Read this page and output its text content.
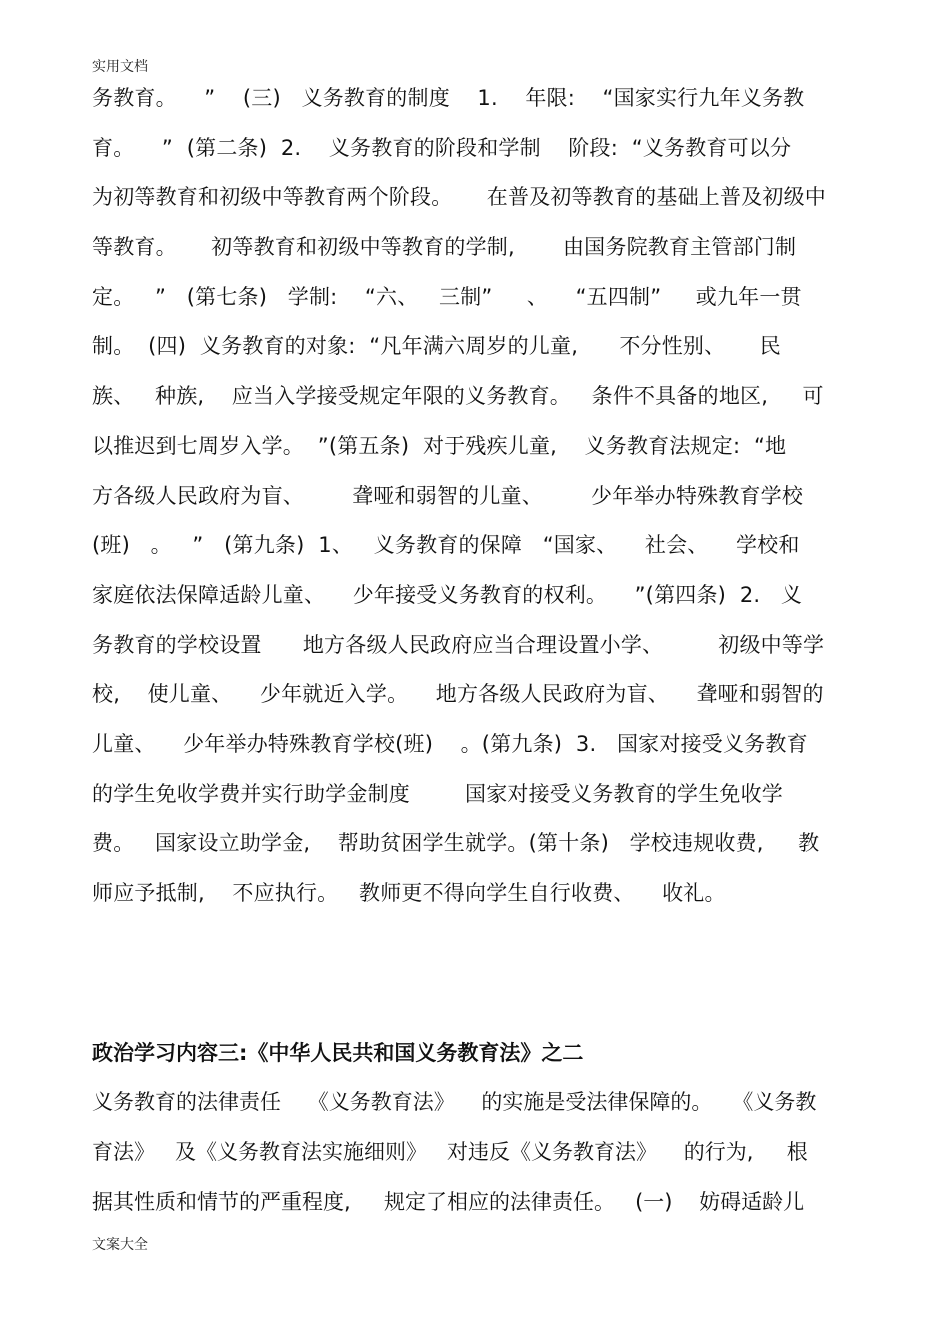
实用文档
务教育。    ”    (三)   义务教育的制度    1.    年限:    “国家实行九年义务教
育。    ”  (第二条)  2.    义务教育的阶段和学制    阶段:  “义务教育可以分
为初等教育和初级中等教育两个阶段。     在普及初等教育的基础上普及初级中
等教育。     初等教育和初级中等教育的学制,       由国务院教育主管部门制
定。   ”   (第七条)   学制:    “六、   三制”     、    “五四制”     或九年一贯
制。  (四)  义务教育的对象:  “凡年满六周岁的儿童,      不分性别、     民
族、   种族,    应当入学接受规定年限的义务教育。   条件不具备的地区,     可
以推迟到七周岁入学。  ”(第五条)  对于残疾儿童,    义务教育法规定:  “地
方各级人民政府为盲、       聋哑和弱智的儿童、       少年举办特殊教育学校
(班)   。   ”   (第九条)  1、   义务教育的保障   “国家、    社会、    学校和
家庭依法保障适龄儿童、    少年接受义务教育的权利。    ”(第四条)  2.   义
务教育的学校设置      地方各级人民政府应当合理设置小学、        初级中等学
校,    使儿童、    少年就近入学。    地方各级人民政府为盲、    聋哑和弱智的
儿童、    少年举办特殊教育学校(班)    。(第九条)  3.   国家对接受义务教育
的学生免收学费并实行助学金制度        国家对接受义务教育的学生免收学
费。   国家设立助学金,    帮助贫困学生就学。(第十条)   学校违规收费,     教
师应予抵制,    不应执行。   教师更不得向学生自行收费、    收礼。
政治学习内容三:《中华人民共和国义务教育法》之二
义务教育的法律责任    《义务教育法》    的实施是受法律保障的。   《义务教
育法》   及《义务教育法实施细则》   对违反《义务教育法》    的行为,     根
据其性质和情节的严重程度,     规定了相应的法律责任。   (一)    妨碍适龄儿
文案大全
